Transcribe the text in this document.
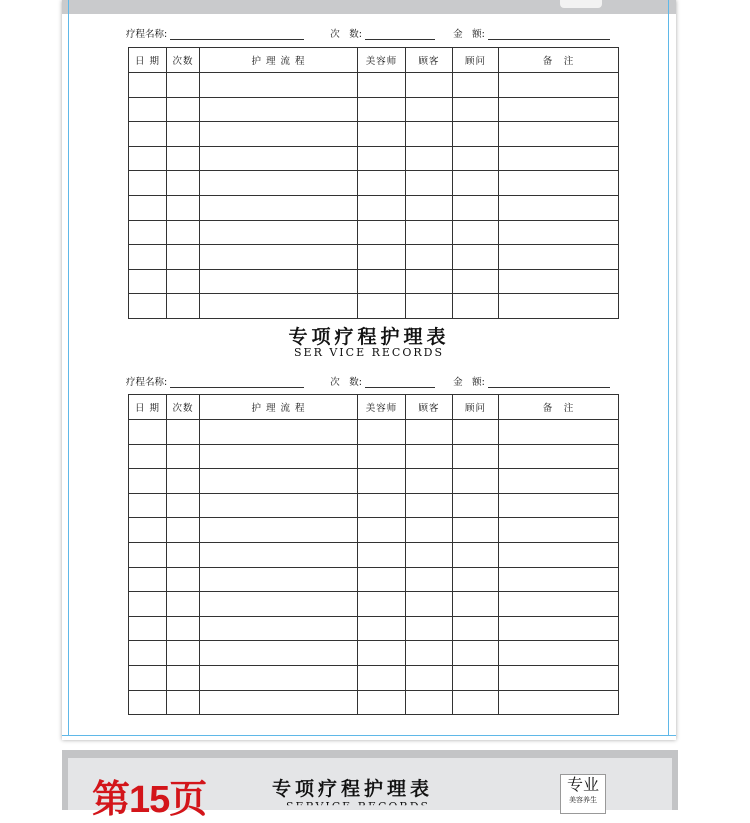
疗程名称:	次　数:	金　额:
日 期	次数	护 理 流 程	美容师	顾客	顾问	备　注

专项疗程护理表
SER VICE RECORDS
疗程名称:	次　数:	金　额:
日 期	次数	护 理 流 程	美容师	顾客	顾问	备　注

第15页	专项疗程护理表	专业
美容养生
